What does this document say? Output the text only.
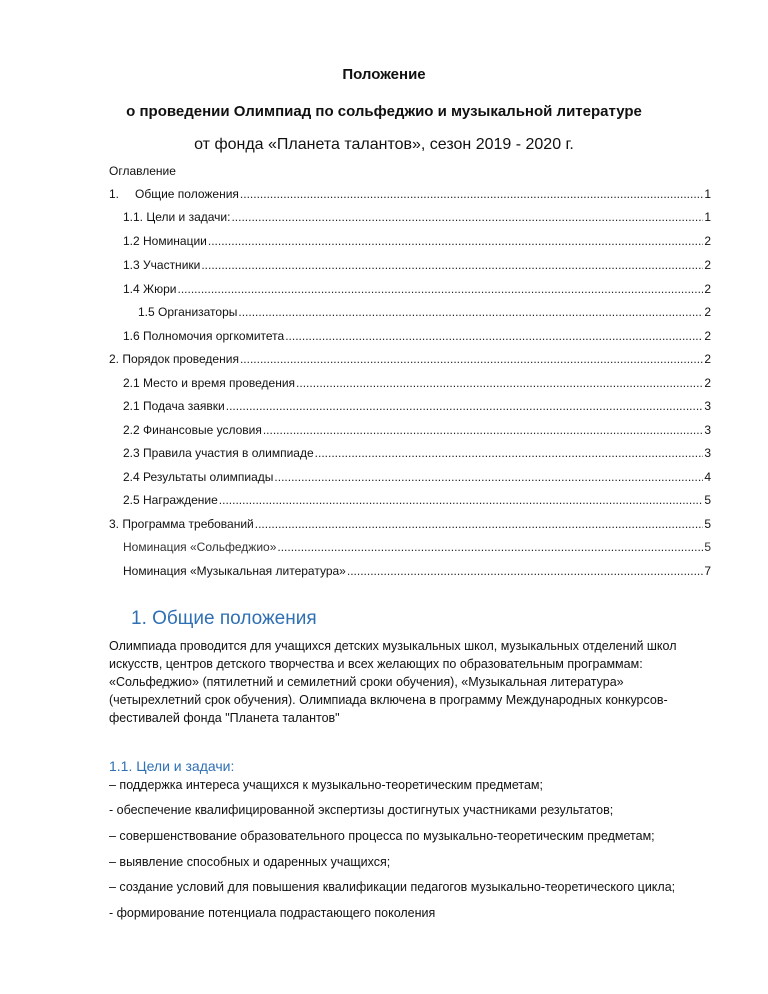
Положение
о проведении Олимпиад по сольфеджио и музыкальной литературе
от фонда «Планета талантов», сезон 2019 - 2020 г.
Оглавление
1.	Общие положения .....	1
1.1. Цели и задачи: .....	1
1.2 Номинации .....	2
1.3 Участники .....	2
1.4 Жюри .....	2
1.5 Организаторы .....	2
1.6 Полномочия оргкомитета .....	2
2. Порядок проведения .....	2
2.1 Место и время проведения .....	2
2.1 Подача заявки .....	3
2.2 Финансовые условия .....	3
2.3 Правила участия в олимпиаде .....	3
2.4 Результаты олимпиады .....	4
2.5 Награждение .....	5
3. Программа требований .....	5
Номинация «Сольфеджио» .....	5
Номинация «Музыкальная литература» .....	7
1. Общие положения
Олимпиада проводится для учащихся детских музыкальных школ, музыкальных отделений школ искусств, центров детского творчества и всех желающих по образовательным программам: «Сольфеджио» (пятилетний и семилетний сроки обучения), «Музыкальная литература» (четырехлетний срок обучения). Олимпиада включена в программу Международных конкурсов-фестивалей фонда "Планета талантов"
1.1. Цели и задачи:
– поддержка интереса учащихся к музыкально-теоретическим предметам;
- обеспечение квалифицированной экспертизы достигнутых участниками результатов;
– совершенствование образовательного процесса по музыкально-теоретическим предметам;
– выявление способных и одаренных учащихся;
– создание условий для повышения квалификации педагогов музыкально-теоретического цикла;
- формирование потенциала подрастающего поколения
